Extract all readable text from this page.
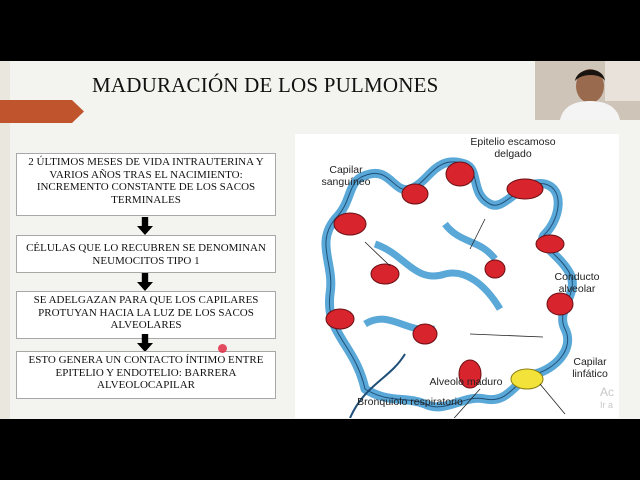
MADURACIÓN DE LOS PULMONES
2 ÚLTIMOS MESES DE VIDA INTRAUTERINA Y VARIOS AÑOS TRAS EL NACIMIENTO: INCREMENTO CONSTANTE DE LOS SACOS TERMINALES
CÉLULAS QUE LO RECUBREN SE DENOMINAN NEUMOCITOS TIPO 1
SE ADELGAZAN PARA QUE LOS CAPILARES PROTUYAN HACIA LA LUZ DE LOS SACOS ALVEOLARES
ESTO GENERA UN CONTACTO ÍNTIMO ENTRE EPITELIO Y ENDOTELIO: BARRERA ALVEOLOCAPILAR
Epitelio escamoso delgado
Capilar sanguíneo
Conducto alveolar
Capilar linfático
Alveolo maduro
Bronquiolo respiratorio
Ac
Ir a
